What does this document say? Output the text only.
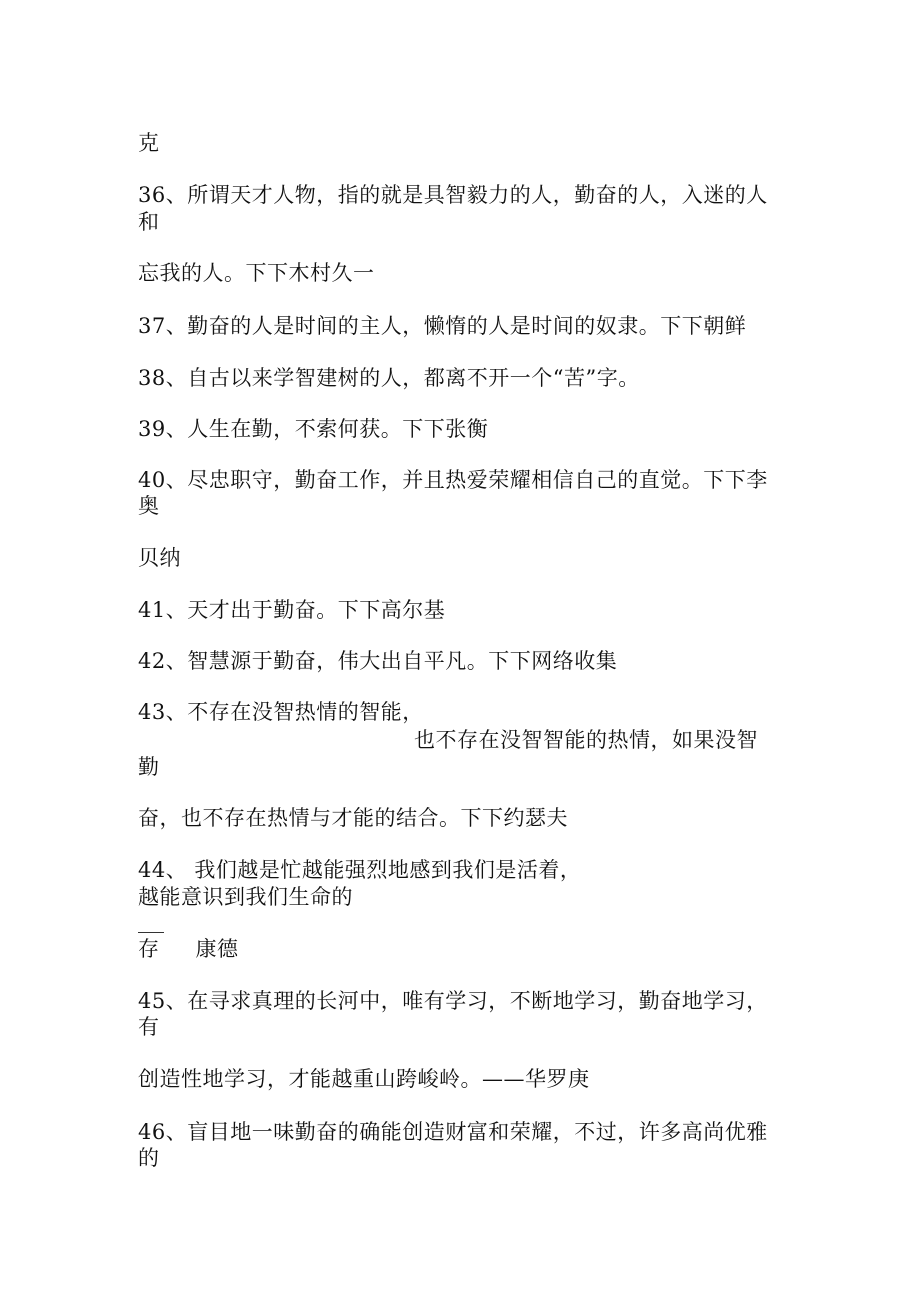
克
36、所谓天才人物，指的就是具智毅力的人，勤奋的人，入迷的人
和
忘我的人。下下木村久一
37、勤奋的人是时间的主人，懒惰的人是时间的奴隶。下下朝鲜
38、自古以来学智建树的人，都离不开一个“苦”字。
39、人生在勤，不索何获。下下张衡
40、尽忠职守，勤奋工作，并且热爱荣耀相信自己的直觉。下下李
奥
贝纳
41、天才出于勤奋。下下高尔基
42、智慧源于勤奋，伟大出自平凡。下下网络收集
43、不存在没智热情的智能，
也不存在没智智能的热情，如果没智
勤
奋，也不存在热情与才能的结合。下下约瑟夫
44、 我们越是忙越能强烈地感到我们是活着，
越能意识到我们生命的
存 康德
45、在寻求真理的长河中，唯有学习，不断地学习，勤奋地学习，
有
创造性地学习，才能越重山跨峻岭。——华罗庚
46、盲目地一味勤奋的确能创造财富和荣耀，不过，许多高尚优雅
的
